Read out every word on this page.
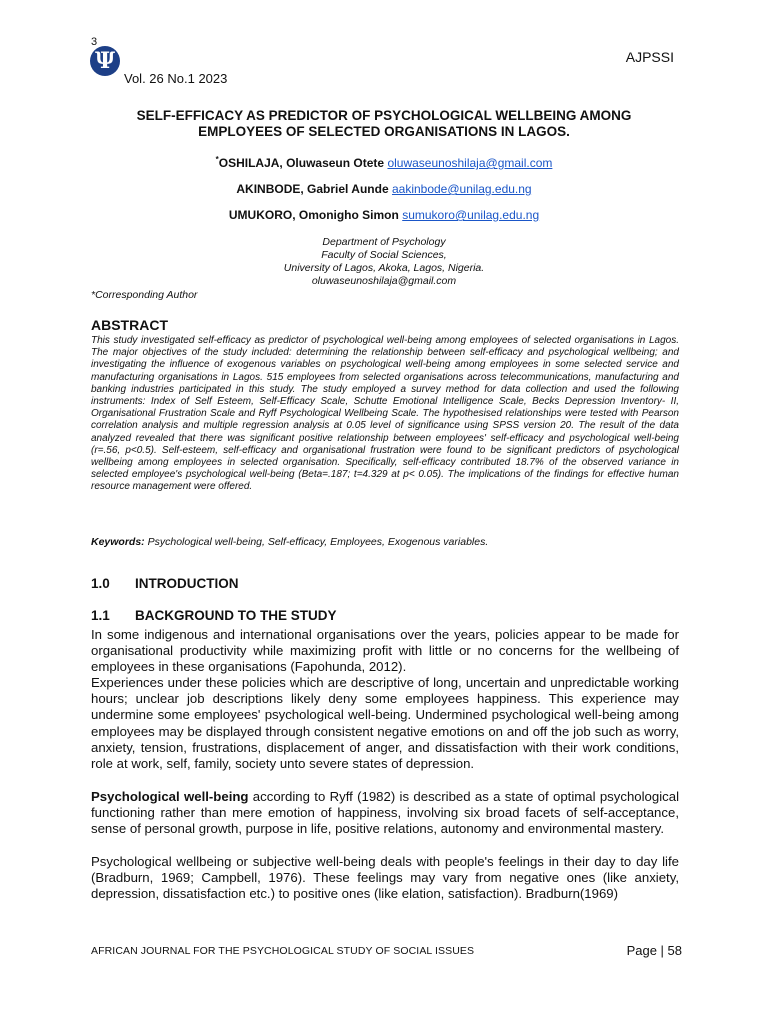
3
Ψ	AJPSSI
Vol. 26 No.1 2023
SELF-EFFICACY AS PREDICTOR OF PSYCHOLOGICAL WELLBEING AMONG
EMPLOYEES OF SELECTED ORGANISATIONS IN LAGOS.
*OSHILAJA, Oluwaseun Otete oluwaseunoshilaja@gmail.com
AKINBODE, Gabriel Aunde aakinbode@unilag.edu.ng
UMUKORO, Omonigho Simon sumukoro@unilag.edu.ng
Department of Psychology
Faculty of Social Sciences,
University of Lagos, Akoka, Lagos, Nigeria.
oluwaseunoshilaja@gmail.com
*Corresponding Author
ABSTRACT
This study investigated self-efficacy as predictor of psychological well-being among employees of selected organisations in Lagos. The major objectives of the study included: determining the relationship between self-efficacy and psychological wellbeing; and investigating the influence of exogenous variables on psychological well-being among employees in some selected service and manufacturing organisations in Lagos. 515 employees from selected organisations across telecommunications, manufacturing and banking industries participated in this study. The study employed a survey method for data collection and used the following instruments: Index of Self Esteem, Self-Efficacy Scale, Schutte Emotional Intelligence Scale, Becks Depression Inventory- II, Organisational Frustration Scale and Ryff Psychological Wellbeing Scale. The hypothesised relationships were tested with Pearson correlation analysis and multiple regression analysis at 0.05 level of significance using SPSS version 20. The result of the data analyzed revealed that there was significant positive relationship between employees' self-efficacy and psychological well-being (r=.56, p<0.5). Self-esteem, self-efficacy and organisational frustration were found to be significant predictors of psychological wellbeing among employees in selected organisation. Specifically, self-efficacy contributed 18.7% of the observed variance in selected employee's psychological well-being (Beta=.187; t=4.329 at p< 0.05). The implications of the findings for effective human resource management were offered.
Keywords: Psychological well-being, Self-efficacy, Employees, Exogenous variables.
1.0 INTRODUCTION
1.1 BACKGROUND TO THE STUDY
In some indigenous and international organisations over the years, policies appear to be made for organisational productivity while maximizing profit with little or no concerns for the wellbeing of employees in these organisations (Fapohunda, 2012).
Experiences under these policies which are descriptive of long, uncertain and unpredictable working hours; unclear job descriptions likely deny some employees happiness. This experience may undermine some employees' psychological well-being. Undermined psychological well-being among employees may be displayed through consistent negative emotions on and off the job such as worry, anxiety, tension, frustrations, displacement of anger, and dissatisfaction with their work conditions, role at work, self, family, society unto severe states of depression.
Psychological well-being according to Ryff (1982) is described as a state of optimal psychological functioning rather than mere emotion of happiness, involving six broad facets of self-acceptance, sense of personal growth, purpose in life, positive relations, autonomy and environmental mastery.
Psychological wellbeing or subjective well-being deals with people's feelings in their day to day life (Bradburn, 1969; Campbell, 1976). These feelings may vary from negative ones (like anxiety, depression, dissatisfaction etc.) to positive ones (like elation, satisfaction). Bradburn(1969)
AFRICAN JOURNAL FOR THE PSYCHOLOGICAL STUDY OF SOCIAL ISSUES	Page | 58
